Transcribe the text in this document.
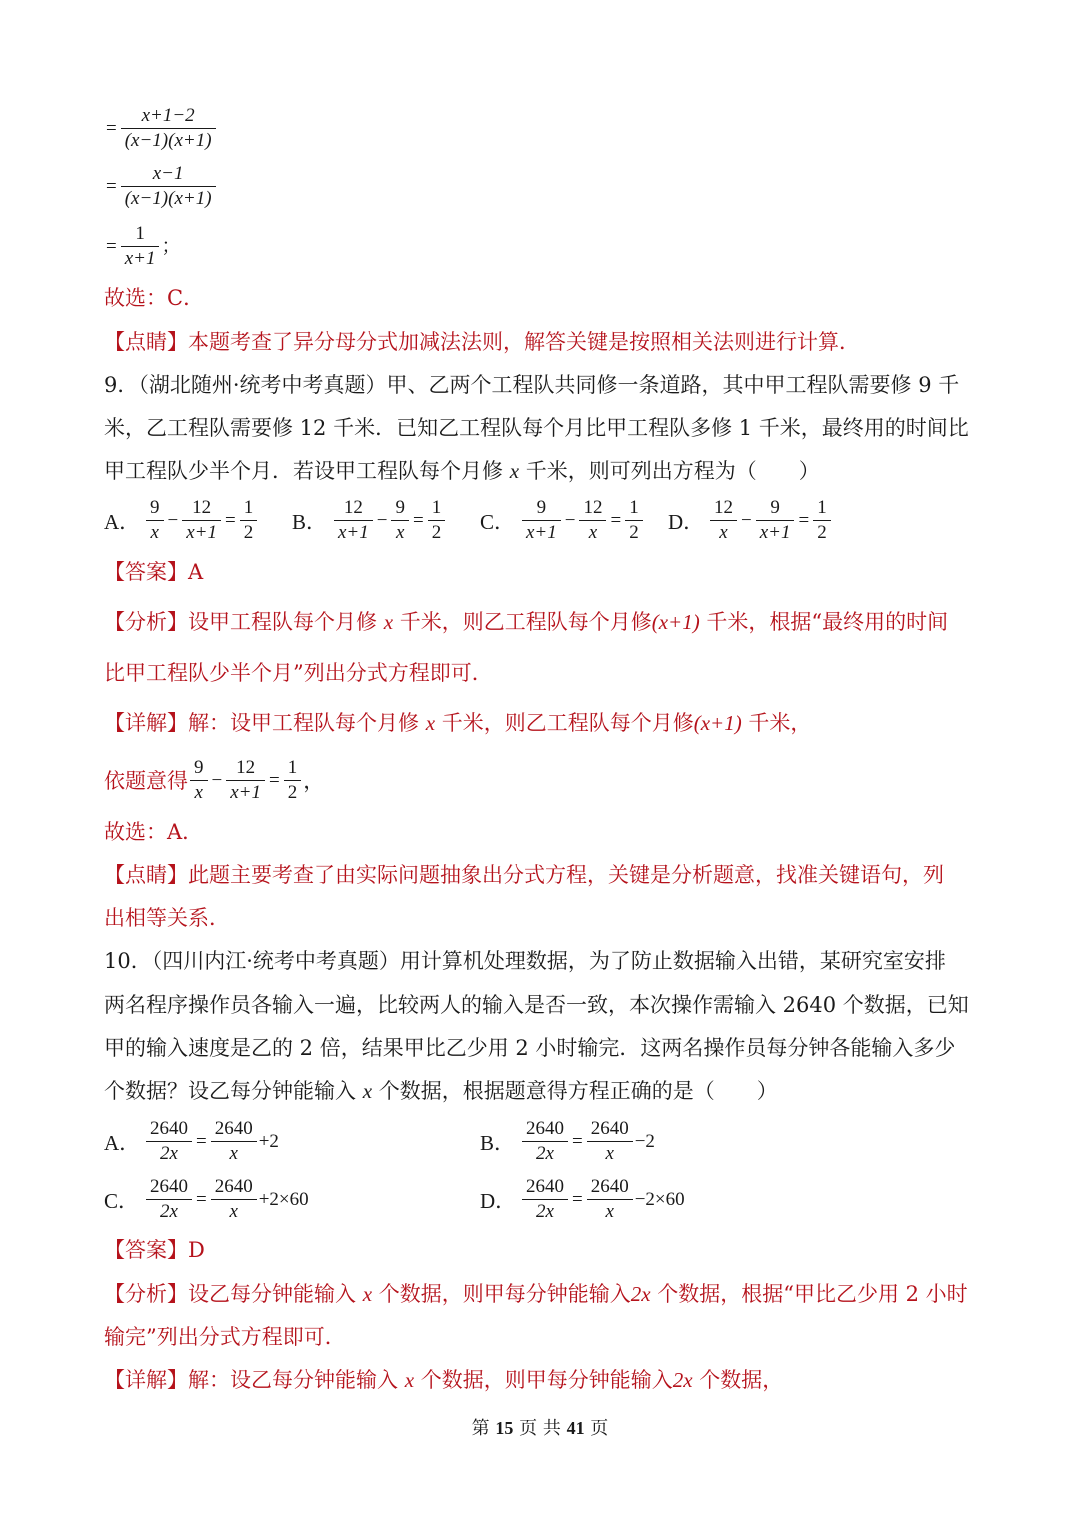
= $\frac{x+1-2}{(x-1)(x+1)}$
= $\frac{x-1}{(x-1)(x+1)}$
= $\frac{1}{x+1}$ ；
故选：C．
【点睛】本题考查了异分母分式加减法法则，解答关键是按照相关法则进行计算．
9．（湖北随州·统考中考真题）甲、乙两个工程队共同修一条道路，其中甲工程队需要修 9 千
米，乙工程队需要修 12 千米．已知乙工程队每个月比甲工程队多修 1 千米，最终用的时间比
甲工程队少半个月．若设甲工程队每个月修 x 千米，则可列出方程为（　　）
A． $\frac{9}{x} - \frac{12}{x+1} = \frac{1}{2}$ B． $\frac{12}{x+1} - \frac{9}{x} = \frac{1}{2}$ C． $\frac{9}{x+1} - \frac{12}{x} = \frac{1}{2}$ D． $\frac{12}{x} - \frac{9}{x+1} = \frac{1}{2}$
【答案】A
【分析】设甲工程队每个月修 x 千米，则乙工程队每个月修(x+1) 千米，根据“最终用的时间
比甲工程队少半个月”列出分式方程即可．
【详解】解：设甲工程队每个月修 x 千米，则乙工程队每个月修(x+1) 千米，
依题意得 $\frac{9}{x} - \frac{12}{x+1} = \frac{1}{2}$ ，
故选：A．
【点睛】此题主要考查了由实际问题抽象出分式方程，关键是分析题意，找准关键语句，列
出相等关系．
10．（四川内江·统考中考真题）用计算机处理数据，为了防止数据输入出错，某研究室安排
两名程序操作员各输入一遍，比较两人的输入是否一致，本次操作需输入 2640 个数据，已知
甲的输入速度是乙的 2 倍，结果甲比乙少用 2 小时输完．这两名操作员每分钟各能输入多少
个数据？设乙每分钟能输入 x 个数据，根据题意得方程正确的是（　　）
A． $\frac{2640}{2x} = \frac{2640}{x} +2$	B． $\frac{2640}{2x} = \frac{2640}{x} -2$
C． $\frac{2640}{2x} = \frac{2640}{x} +2\times 60$	D． $\frac{2640}{2x} = \frac{2640}{x} -2\times 60$
【答案】D
【分析】设乙每分钟能输入 x 个数据，则甲每分钟能输入2x 个数据，根据“甲比乙少用 2 小时
输完”列出分式方程即可．
【详解】解：设乙每分钟能输入 x 个数据，则甲每分钟能输入2x 个数据，
第 15 页 共 41 页
